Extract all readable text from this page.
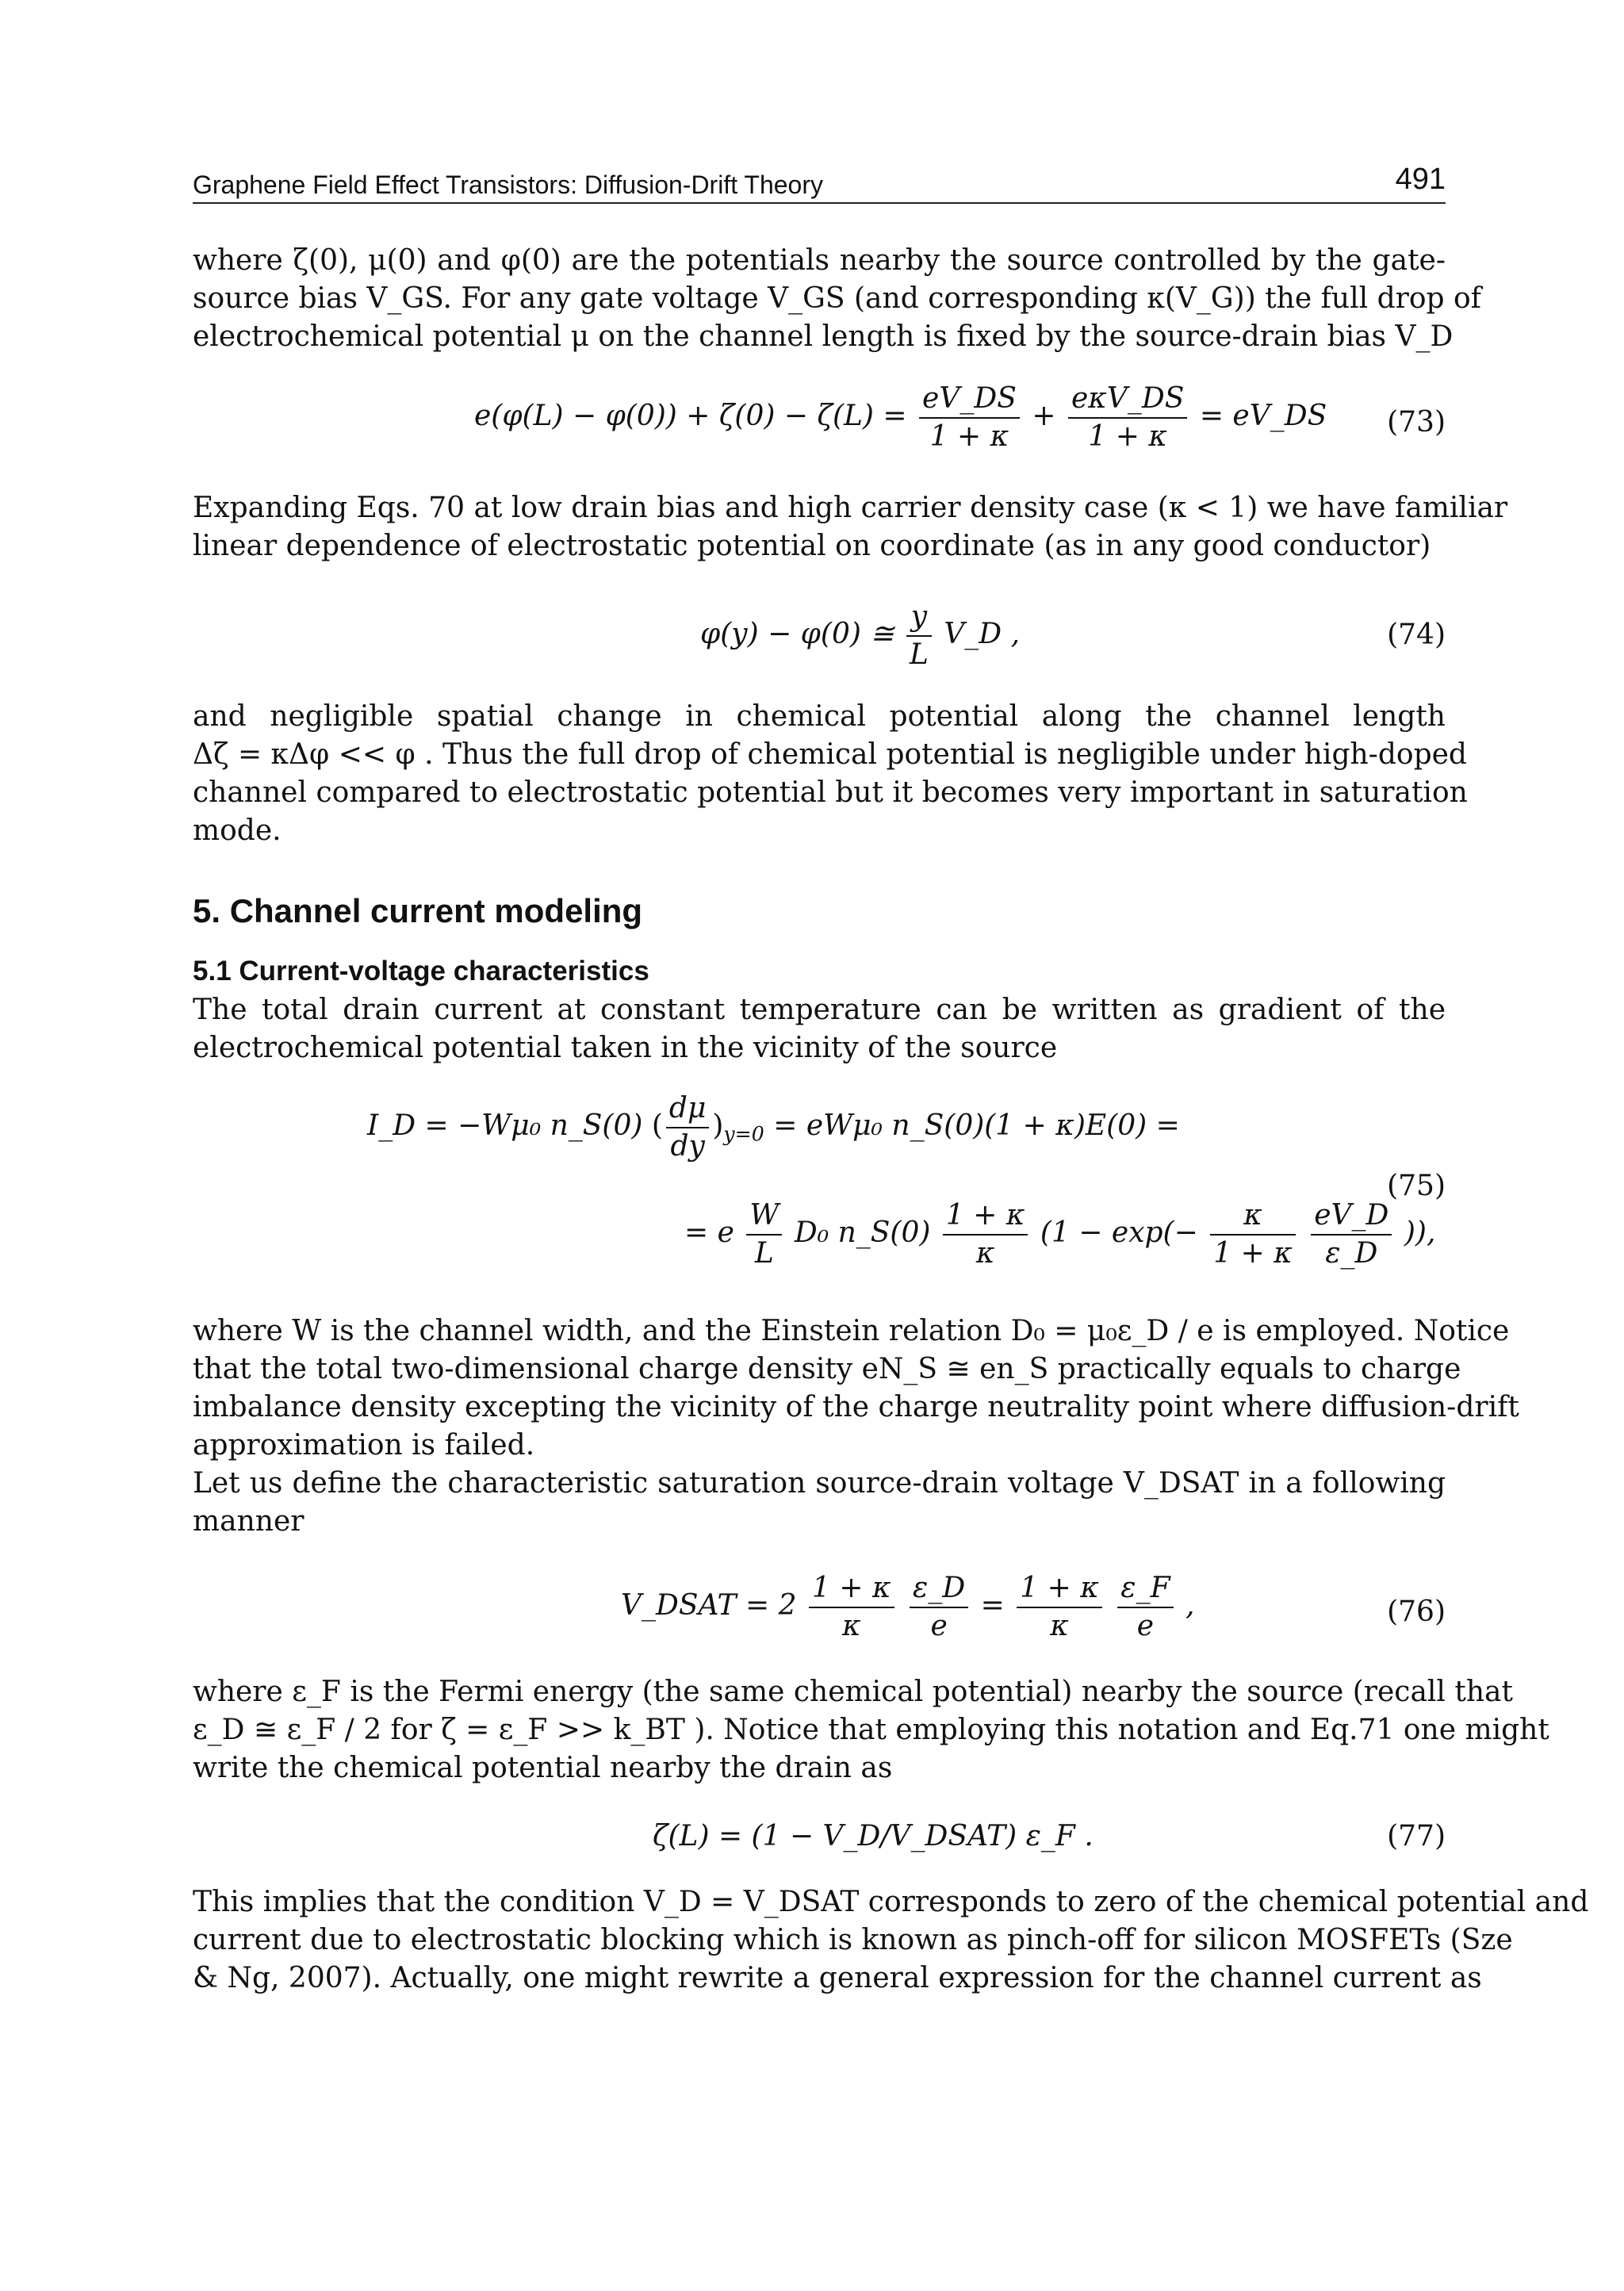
Graphene Field Effect Transistors: Diffusion-Drift Theory	491
where ζ(0), μ(0) and φ(0) are the potentials nearby the source controlled by the gate-
source bias V_GS. For any gate voltage V_GS (and corresponding κ(V_G)) the full drop of
electrochemical potential μ on the channel length is fixed by the source-drain bias V_D
$e(\varphi(L) - \varphi(0)) + \zeta(0) - \zeta(L) = \frac{eV\_DS}{1 + \kappa} + \frac{\text{eκV\_DS}}{1 + \kappa}$ = eV_DS (73)
Expanding Eqs. 70 at low drain bias and high carrier density case (κ < 1) we have familiar
linear dependence of electrostatic potential on coordinate (as in any good conductor)
φ(y) − φ(0) ≅ $\frac{y}{L}$ V_D ,	(74)
and negligible spatial change in chemical potential along the channel length
Δζ = κΔφ << φ . Thus the full drop of chemical potential is negligible under high-doped
channel compared to electrostatic potential but it becomes very important in saturation
mode.
5. Channel current modeling
5.1 Current-voltage characteristics
The total drain current at constant temperature can be written as gradient of the
electrochemical potential taken in the vicinity of the source
I_D = −Wμ₀ n_S(0) ( $\frac{d\mu}{dy} )_{y=0} = eW\mu_0$ n_S(0)(1 + κ)E(0) =
= e $\frac{W}{L} D_0$ n_S(0) $\frac{1 + \kappa}{\kappa} (1 - \exp(- \frac{\kappa}{1 + \kappa}$
$\frac{eV\_D}{\varepsilon\_D}$ )),
(75)
where W is the channel width, and the Einstein relation D₀ = μ₀ε_D / e is employed. Notice
that the total two-dimensional charge density eN_S ≅ en_S practically equals to charge
imbalance density excepting the vicinity of the charge neutrality point where diffusion-drift
approximation is failed.
Let us define the characteristic saturation source-drain voltage V_DSAT in a following
manner
V_DSAT = $2 \frac{1 + \kappa}{\kappa}$
$\frac{\varepsilon\_D}{e} = \frac{1 + \kappa}{\kappa}$
$\frac{\varepsilon\_F}{e}$ ,	(76)
where ε_F is the Fermi energy (the same chemical potential) nearby the source (recall that
ε_D ≅ ε_F / 2 for ζ = ε_F >> k_BT ). Notice that employing this notation and Eq.71 one might
write the chemical potential nearby the drain as
ζ(L) = (1 − V_D/V_DSAT) ε_F .	(77)
This implies that the condition V_D = V_DSAT corresponds to zero of the chemical potential and
current due to electrostatic blocking which is known as pinch-off for silicon MOSFETs (Sze
& Ng, 2007). Actually, one might rewrite a general expression for the channel current as
